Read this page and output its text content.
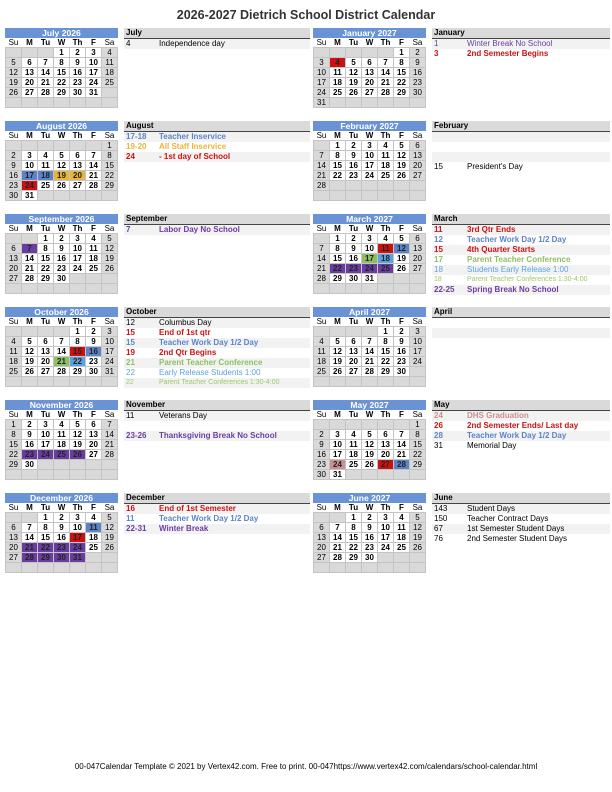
2026-2027 Dietrich School District Calendar
July 2026
Su	M	Tu	W	Th	F	Sa
			1	2	3	4
5	6	7	8	9	10	11
12	13	14	15	16	17	18
19	20	21	22	23	24	25
26	27	28	29	30	31	

July
4	Independence day
January 2027
Su	M	Tu	W	Th	F	Sa
					1	2
3	4	5	6	7	8	9
10	11	12	13	14	15	16
17	18	19	20	21	22	23
24	25	26	27	28	29	30
31						
January
1	Winter Break No School
3	2nd Semester Begins
August 2026
Su	M	Tu	W	Th	F	Sa
						1
2	3	4	5	6	7	8
9	10	11	12	13	14	15
16	17	18	19	20	21	22
23	24	25	26	27	28	29
30	31					
August
17-18	Teacher Inservice
19-20	All Staff Inservice
24	- 1st day of School
February 2027
Su	M	Tu	W	Th	F	Sa
	1	2	3	4	5	6
7	8	9	10	11	12	13
14	15	16	17	18	19	20
21	22	23	24	25	26	27
28						

February
15	President's Day
September 2026
Su	M	Tu	W	Th	F	Sa
		1	2	3	4	5
6	7	8	9	10	11	12
13	14	15	16	17	18	19
20	21	22	23	24	25	26
27	28	29	30			

September
7	Labor Day No School
March 2027
Su	M	Tu	W	Th	F	Sa
	1	2	3	4	5	6
7	8	9	10	11	12	13
14	15	16	17	18	19	20
21	22	23	24	25	26	27
28	29	30	31			

March
11	3rd Qtr Ends
12	Teacher Work Day 1/2 Day
15	4th Quarter Starts
17	Parent Teacher Conference
18	Students Early Release 1:00
18	Parent Teacher Conferences 1:30-4:00
22-25	Spring Break No School
October 2026
Su	M	Tu	W	Th	F	Sa
				1	2	3
4	5	6	7	8	9	10
11	12	13	14	15	16	17
18	19	20	21	22	23	24
25	26	27	28	29	30	31

October
12	Columbus Day
15	End of 1st qtr
15	Teacher Work Day 1/2 Day
19	2nd Qtr Begins
21	Parent Teacher Conference
22	Early Release Students 1:00
22	Parent Teacher Conferences 1:30-4:00
April 2027
Su	M	Tu	W	Th	F	Sa
				1	2	3
4	5	6	7	8	9	10
11	12	13	14	15	16	17
18	19	20	21	22	23	24
25	26	27	28	29	30	

April
November 2026
Su	M	Tu	W	Th	F	Sa
1	2	3	4	5	6	7
8	9	10	11	12	13	14
15	16	17	18	19	20	21
22	23	24	25	26	27	28
29	30					

November
11	Veterans Day
23-26	Thanksgiving Break No School
May 2027
Su	M	Tu	W	Th	F	Sa
						1
2	3	4	5	6	7	8
9	10	11	12	13	14	15
16	17	18	19	20	21	22
23	24	25	26	27	28	29
30	31					
May
24	DHS Graduation
26	2nd Semester Ends/ Last day
28	Teacher Work Day 1/2 Day
31	Memorial Day
December 2026
Su	M	Tu	W	Th	F	Sa
		1	2	3	4	5
6	7	8	9	10	11	12
13	14	15	16	17	18	19
20	21	22	23	24	25	26
27	28	29	30	31		

December
16	End of 1st Semester
11	Teacher Work Day 1/2 Day
22-31	Winter Break
June 2027
Su	M	Tu	W	Th	F	Sa
		1	2	3	4	5
6	7	8	9	10	11	12
13	14	15	16	17	18	19
20	21	22	23	24	25	26
27	28	29	30			

June
143	Student Days
150	Teacher Contract Days
67	1st Semester Student Days
76	2nd Semester Student Days
00-047Calendar Template © 2021 by Vertex42.com. Free to print. 00-047https://www.vertex42.com/calendars/school-calendar.html
